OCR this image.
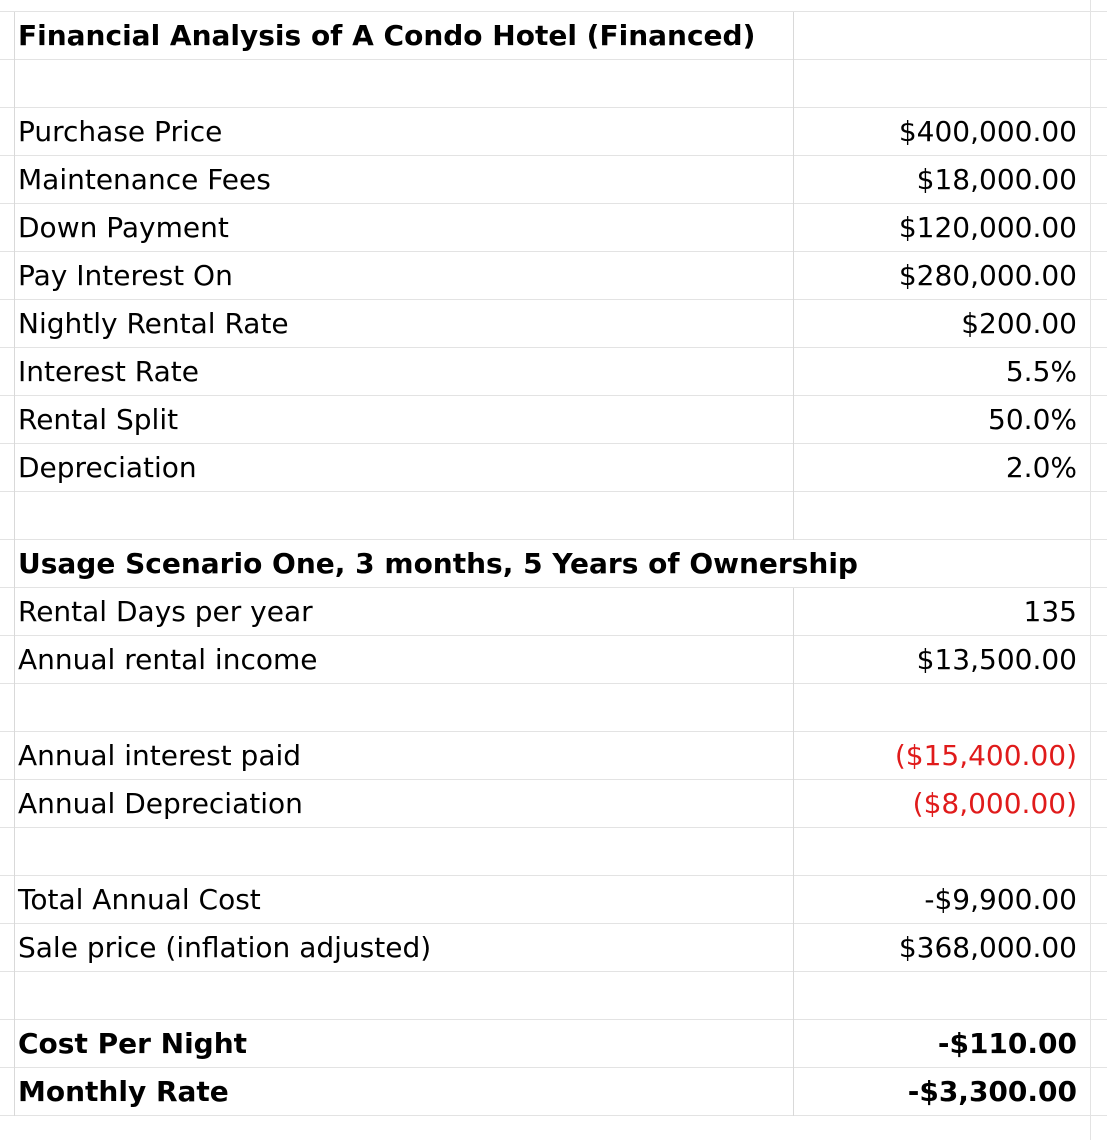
Financial Analysis of A Condo Hotel (Financed)
Purchase Price	$400,000.00
Maintenance Fees	$18,000.00
Down Payment	$120,000.00
Pay Interest On	$280,000.00
Nightly Rental Rate	$200.00
Interest Rate	5.5%
Rental Split	50.0%
Depreciation	2.0%
Usage Scenario One, 3 months, 5 Years of Ownership
Rental Days per year	135
Annual rental income	$13,500.00
Annual interest paid	($15,400.00)
Annual Depreciation	($8,000.00)
Total Annual Cost	-$9,900.00
Sale price (inflation adjusted)	$368,000.00
Cost Per Night	-$110.00
Monthly Rate	-$3,300.00
